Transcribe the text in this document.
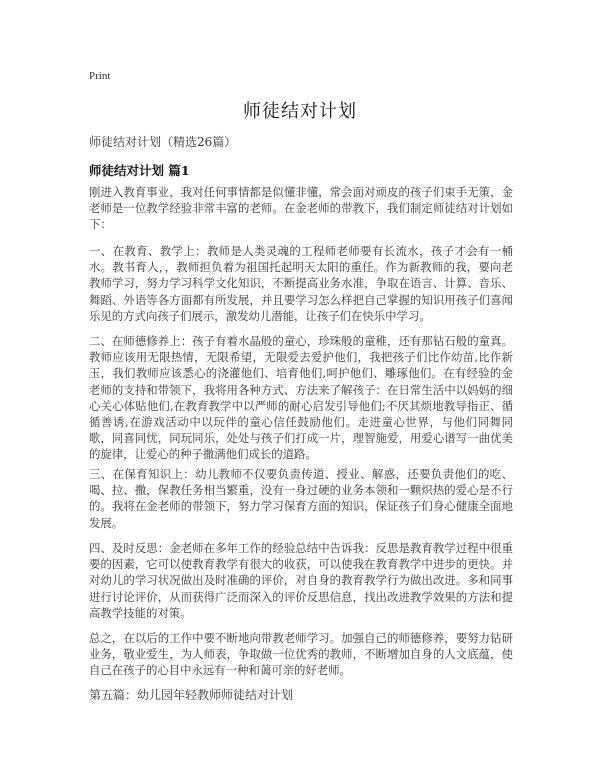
Print
师徒结对计划
师徒结对计划（精选26篇）
师徒结对计划 篇1

刚进入教育事业，我对任何事情都是似懂非懂，常会面对顽皮的孩子们束手无策，金老师是一位教学经验非常丰富的老师。在金老师的带教下，我们制定师徒结对计划如下：

一、在教育、教学上：教师是人类灵魂的工程师老师要有长流水，孩子才会有一桶水。教书育人，，教师担负着为祖国托起明天太阳的重任。作为新教师的我，要向老教师学习，努力学习科学文化知识，不断提高业务水准，争取在语言、计算、音乐、舞蹈、外语等各方面都有所发展，并且要学习怎么样把自己掌握的知识用孩子们喜闻乐见的方式向孩子们展示，激发幼儿潜能，让孩子们在快乐中学习。

二、在师德修养上：孩子有着水晶般的童心，珍珠般的童稚，还有那钻石般的童真。教师应该用无限热情，无限希望，无限爱去爱护他们，我把孩子们比作幼苗,比作新玉，我们教师应该悉心的浇灌他们、培育他们,呵护他们、雕琢他们。在有经验的金老师的支持和带领下，我将用各种方式、方法来了解孩子：在日常生活中以妈妈的细心关心体贴他们,在教育教学中以严师的耐心启发引导他们;不厌其烦地教导指正、循循善诱,在游戏活动中以玩伴的童心信任鼓励他们。走进童心世界，与他们同舞同歌，同喜同忧，同玩同乐，处处与孩子们打成一片，理智施爱，用爱心谱写一曲优美的旋律，让爱心的种子撒满他们成长的道路。

三、在保育知识上：幼儿教师不仅要负责传道、授业、解惑，还要负责他们的吃、喝、拉、撒，保教任务相当繁重，没有一身过硬的业务本领和一颗炽热的爱心是不行的。我将在金老师的带领下，努力学习保育方面的知识，保证孩子们身心健康全面地发展。

四、及时反思：金老师在多年工作的经验总结中告诉我：反思是教育教学过程中很重要的因素，它可以使教育教学有很大的收获，可以使我在教育教学中进步的更快。并对幼儿的学习状况做出及时准确的评价，对自身的教育教学行为做出改进。多和同事进行讨论评价，从而获得广泛而深入的评价反思信息，找出改进教学效果的方法和提高教学技能的对策。

总之，在以后的工作中要不断地向带教老师学习。加强自己的师德修养，要努力钻研业务，敬业爱生，为人师表，争取做一位优秀的教师，不断增加自身的人文底蕴，使自己在孩子的心目中永远有一种和蔼可亲的好老师。

第五篇：幼儿园年轻教师师徒结对计划
